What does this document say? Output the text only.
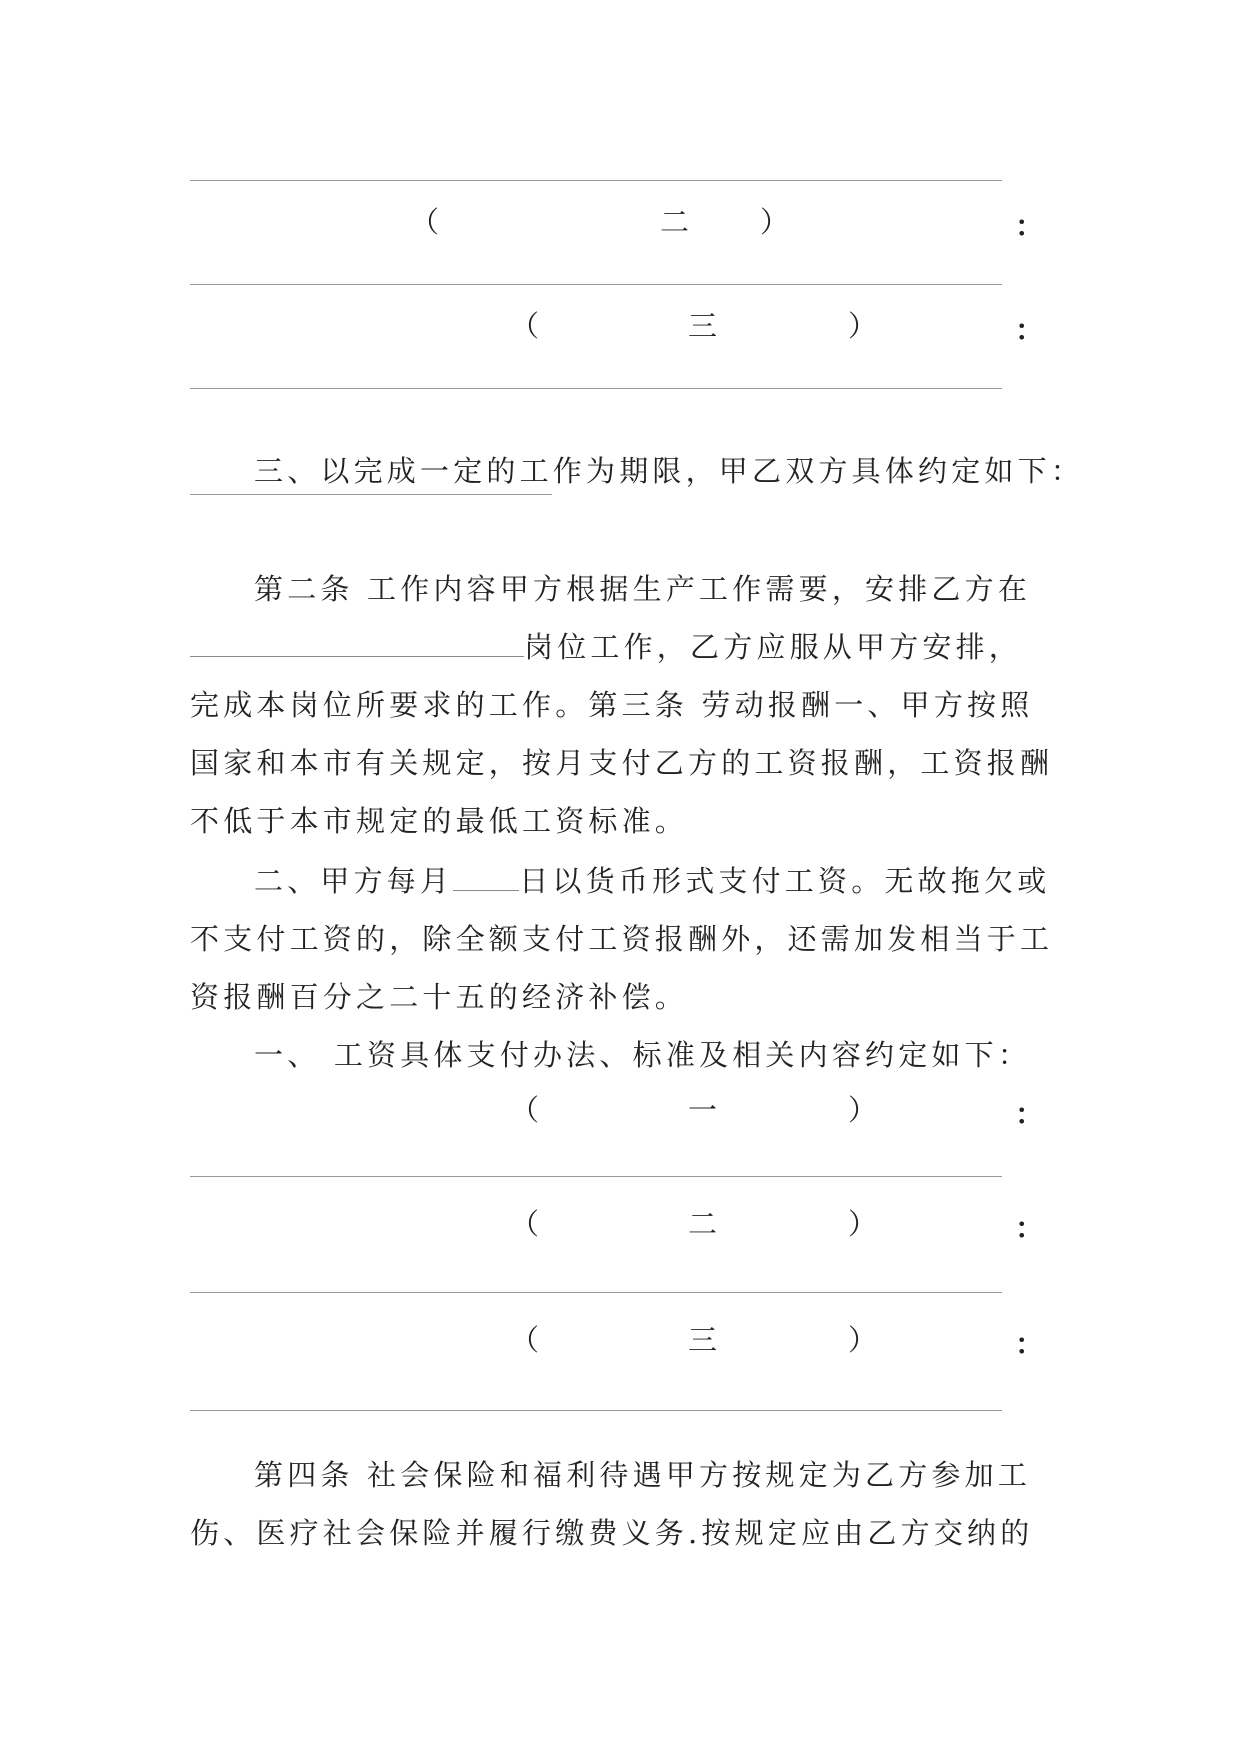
（	二 ）	：
（	三	）	：
三、以完成一定的工作为期限，甲乙双方具体约定如下：
第二条 工作内容甲方根据生产工作需要，安排乙方在
岗位工作，乙方应服从甲方安排，
完成本岗位所要求的工作。第三条 劳动报酬一、甲方按照
国家和本市有关规定，按月支付乙方的工资报酬，工资报酬
不低于本市规定的最低工资标准。
二、甲方每月 日以货币形式支付工资。无故拖欠或
不支付工资的，除全额支付工资报酬外，还需加发相当于工
资报酬百分之二十五的经济补偿。
一、 工资具体支付办法、标准及相关内容约定如下：
（	一	）	：
（	二	）	：
（	三	）	：
第四条 社会保险和福利待遇甲方按规定为乙方参加工
伤、医疗社会保险并履行缴费义务.按规定应由乙方交纳的
